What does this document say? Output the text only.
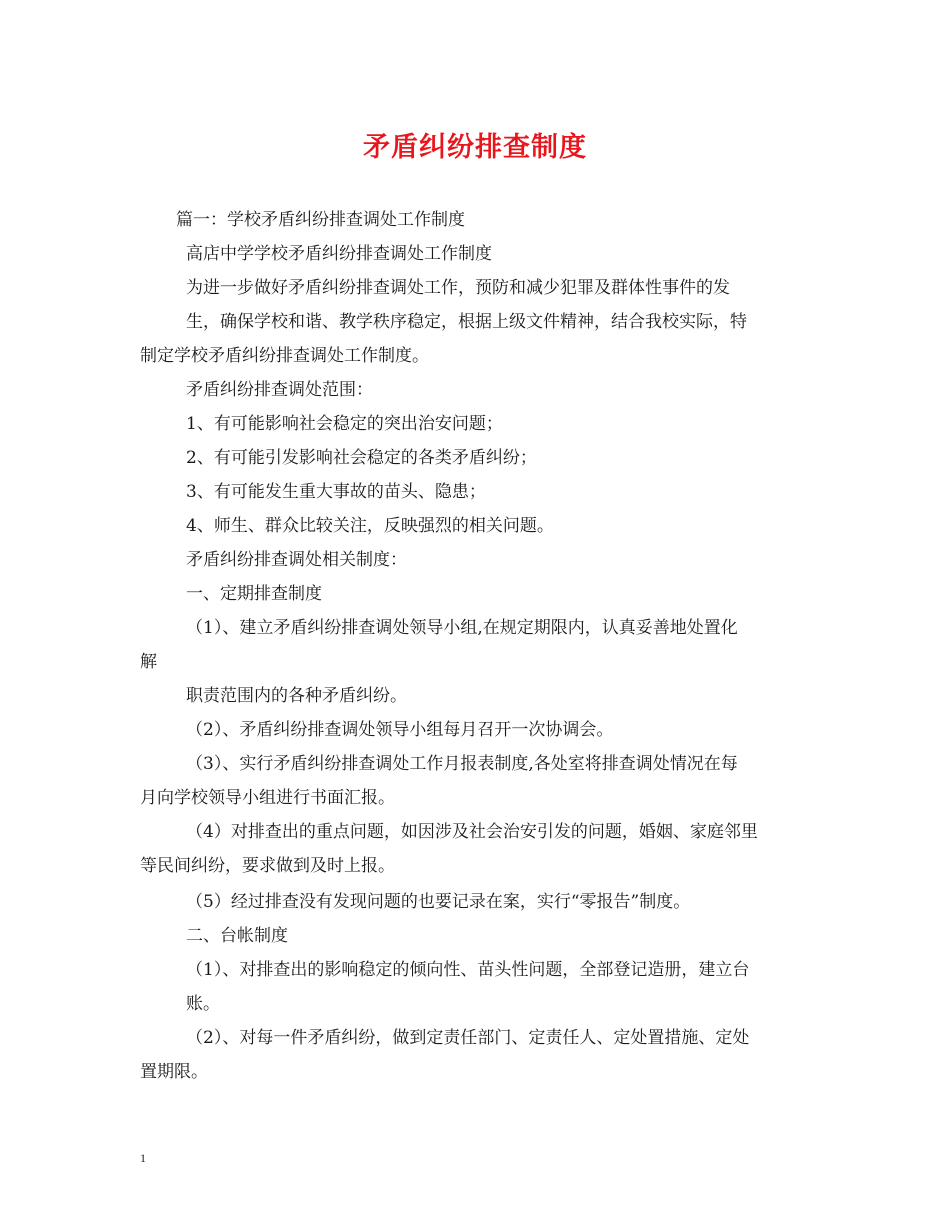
矛盾纠纷排查制度
篇一：学校矛盾纠纷排查调处工作制度
高店中学学校矛盾纠纷排查调处工作制度
为进一步做好矛盾纠纷排查调处工作，预防和减少犯罪及群体性事件的发
生，确保学校和谐、教学秩序稳定，根据上级文件精神，结合我校实际，特
制定学校矛盾纠纷排查调处工作制度。
矛盾纠纷排查调处范围：
1、有可能影响社会稳定的突出治安问题；
2、有可能引发影响社会稳定的各类矛盾纠纷；
3、有可能发生重大事故的苗头、隐患；
4、师生、群众比较关注，反映强烈的相关问题。
矛盾纠纷排查调处相关制度：
一、定期排查制度
（1）、建立矛盾纠纷排查调处领导小组,在规定期限内，认真妥善地处置化
解
职责范围内的各种矛盾纠纷。
（2）、矛盾纠纷排查调处领导小组每月召开一次协调会。
（3）、实行矛盾纠纷排查调处工作月报表制度,各处室将排查调处情况在每
月向学校领导小组进行书面汇报。
（4）对排查出的重点问题，如因涉及社会治安引发的问题，婚姻、家庭邻里
等民间纠纷，要求做到及时上报。
（5）经过排查没有发现问题的也要记录在案，实行“零报告”制度。
二、台帐制度
（1）、对排查出的影响稳定的倾向性、苗头性问题，全部登记造册，建立台
账。
（2）、对每一件矛盾纠纷，做到定责任部门、定责任人、定处置措施、定处
置期限。
1
